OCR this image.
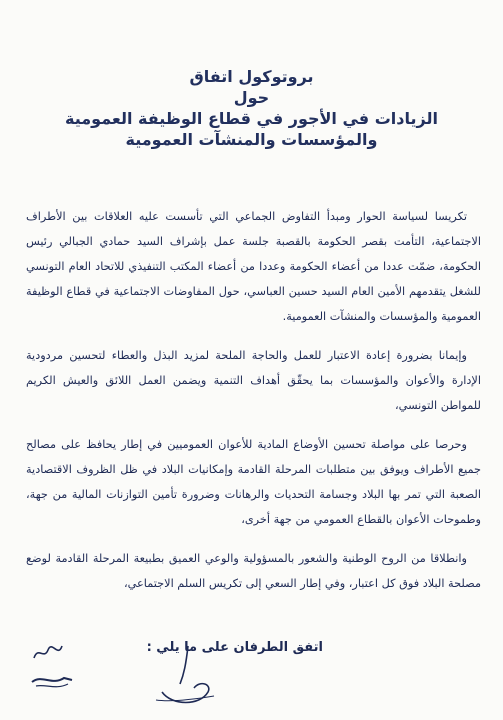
بروتوكول اتفاق
حول
الزيادات في الأجور في قطاع الوظيفة العمومية
والمؤسسات والمنشآت العمومية

تكريسا لسياسة الحوار ومبدأ التفاوض الجماعي التي تأسست عليه العلاقات بين الأطراف الاجتماعية، التأمت بقصر الحكومة بالقصبة جلسة عمل بإشراف السيد حمادي الجبالي رئيس الحكومة، ضمّت عددا من أعضاء الحكومة وعددا من أعضاء المكتب التنفيذي للاتحاد العام التونسي للشغل يتقدمهم الأمين العام السيد حسين العباسي، حول المفاوضات الاجتماعية في قطاع الوظيفة العمومية والمؤسسات والمنشآت العمومية.

وإيمانا بضرورة إعادة الاعتبار للعمل والحاجة الملحة لمزيد البذل والعطاء لتحسين مردودية الإدارة والأعوان والمؤسسات بما يحقّق أهداف التنمية ويضمن العمل اللائق والعيش الكريم للمواطن التونسي،

وحرصا على مواصلة تحسين الأوضاع المادية للأعوان العموميين في إطار يحافظ على مصالح جميع الأطراف ويوفق بين متطلبات المرحلة القادمة وإمكانيات البلاد في ظل الظروف الاقتصادية الصعبة التي تمر بها البلاد وجسامة التحديات والرهانات وضرورة تأمين التوازنات المالية من جهة، وطموحات الأعوان بالقطاع العمومي من جهة أخرى،

وانطلاقا من الروح الوطنية والشعور بالمسؤولية والوعي العميق بطبيعة المرحلة القادمة لوضع مصلحة البلاد فوق كل اعتبار، وفي إطار السعي إلى تكريس السلم الاجتماعي،

اتفق الطرفان على ما يلي :
